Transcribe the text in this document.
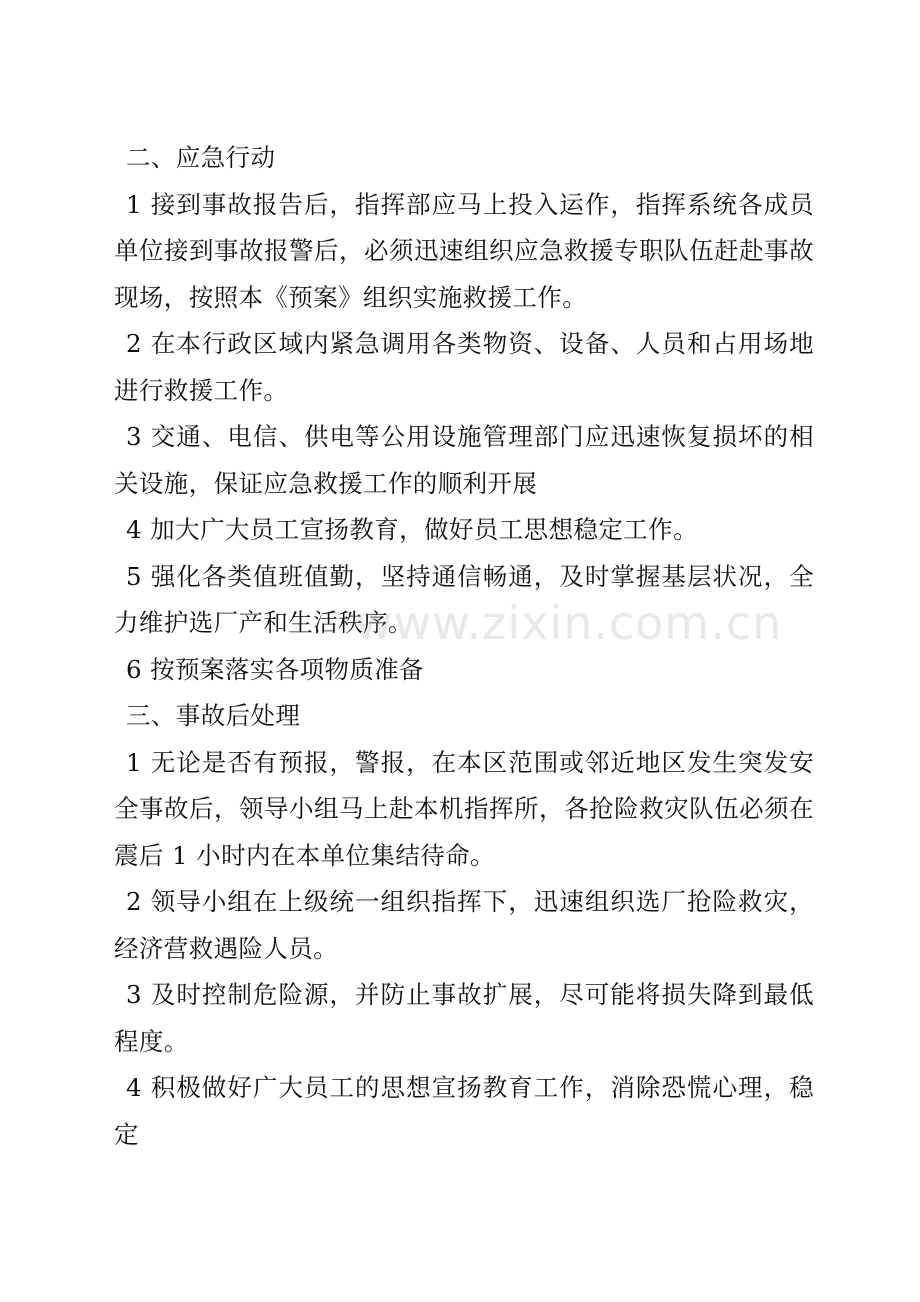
二、应急行动

1 接到事故报告后，指挥部应马上投入运作，指挥系统各成员单位接到事故报警后，必须迅速组织应急救援专职队伍赶赴事故现场，按照本《预案》组织实施救援工作。

2 在本行政区域内紧急调用各类物资、设备、人员和占用场地进行救援工作。

3 交通、电信、供电等公用设施管理部门应迅速恢复损坏的相关设施，保证应急救援工作的顺利开展

4 加大广大员工宣扬教育，做好员工思想稳定工作。

5 强化各类值班值勤，坚持通信畅通，及时掌握基层状况，全力维护选厂产和生活秩序。

6 按预案落实各项物质准备

三、事故后处理

1 无论是否有预报，警报，在本区范围或邻近地区发生突发安全事故后，领导小组马上赴本机指挥所，各抢险救灾队伍必须在震后 1 小时内在本单位集结待命。

2 领导小组在上级统一组织指挥下，迅速组织选厂抢险救灾，经济营救遇险人员。

3 及时控制危险源，并防止事故扩展，尽可能将损失降到最低程度。

4 积极做好广大员工的思想宣扬教育工作，消除恐慌心理，稳定

www.zixin.com.cn
